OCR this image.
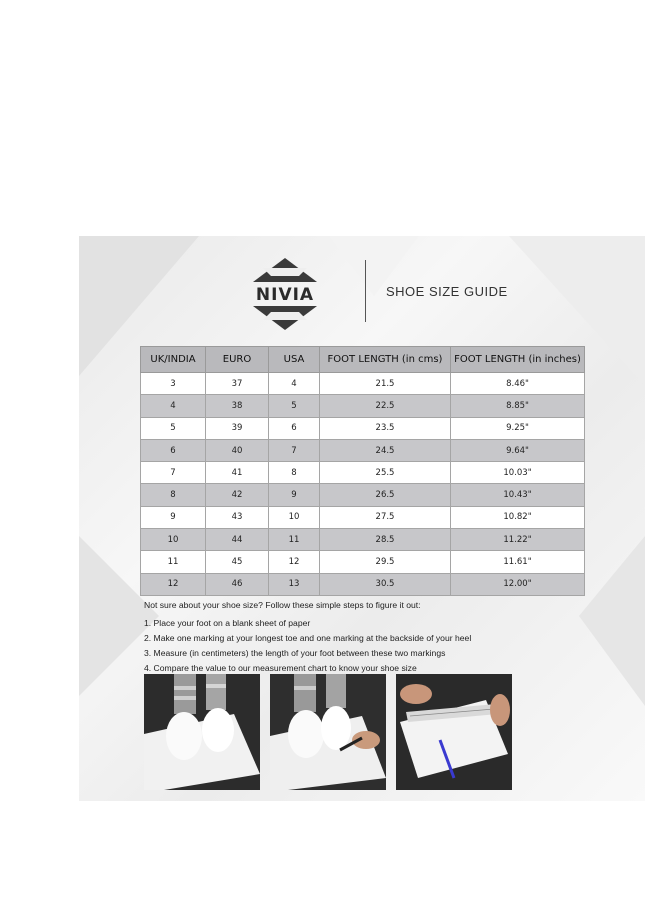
NIVIA	SHOE SIZE GUIDE
UK/INDIA	EURO	USA	FOOT LENGTH (in cms)	FOOT LENGTH (in inches)
3	37	4	21.5	8.46"
4	38	5	22.5	8.85"
5	39	6	23.5	9.25"
6	40	7	24.5	9.64"
7	41	8	25.5	10.03"
8	42	9	26.5	10.43"
9	43	10	27.5	10.82"
10	44	11	28.5	11.22"
11	45	12	29.5	11.61"
12	46	13	30.5	12.00"
Not sure about your shoe size? Follow these simple steps to figure it out:
1. Place your foot on a blank sheet of paper
2. Make one marking at your longest toe and one marking at the backside of your heel
3. Measure (in centimeters) the length of your foot between these two markings
4. Compare the value to our measurement chart to know your shoe size
